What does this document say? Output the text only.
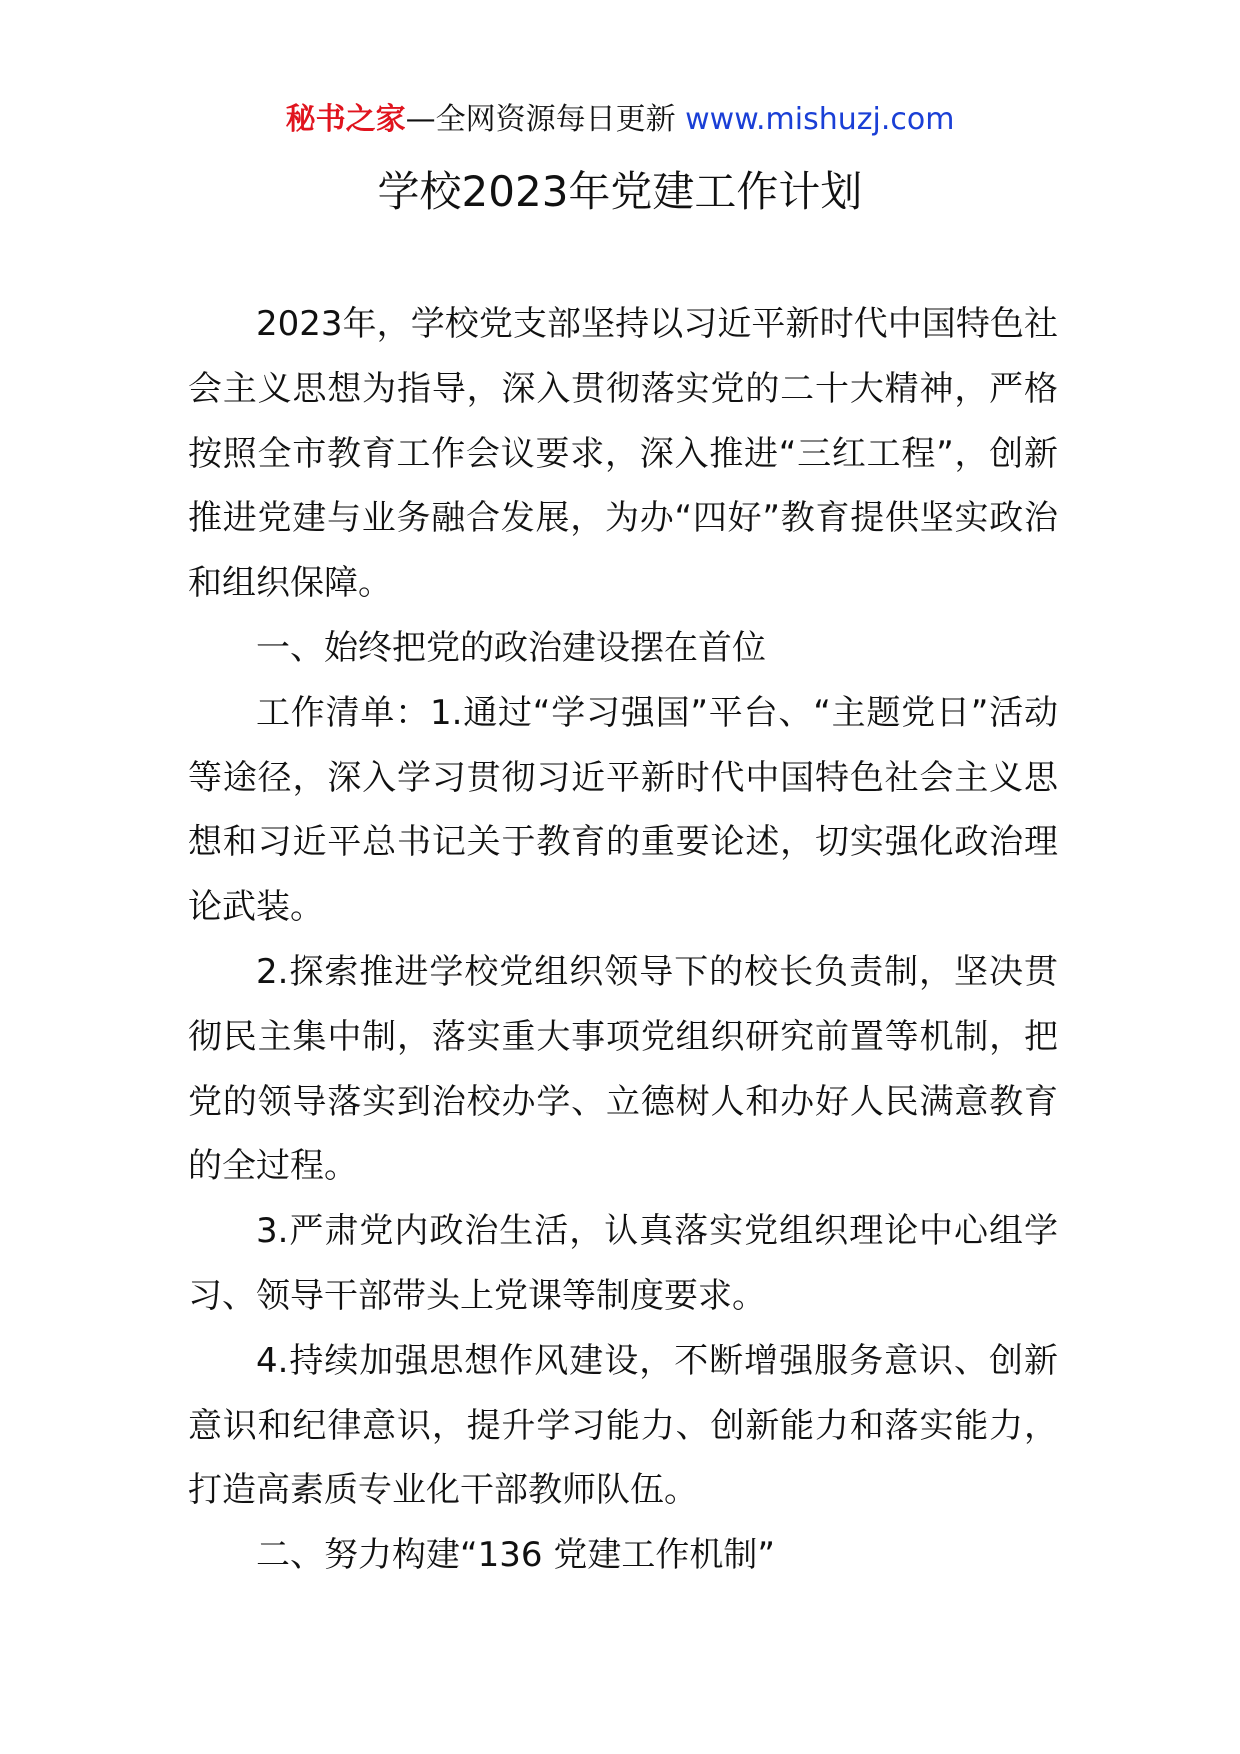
秘书之家—全网资源每日更新 www.mishuzj.com
学校2023年党建工作计划

2023年，学校党支部坚持以习近平新时代中国特色社会主义思想为指导，深入贯彻落实党的二十大精神，严格按照全市教育工作会议要求，深入推进“三红工程”，创新推进党建与业务融合发展，为办“四好”教育提供坚实政治和组织保障。

一、始终把党的政治建设摆在首位

工作清单：1.通过“学习强国”平台、“主题党日”活动等途径，深入学习贯彻习近平新时代中国特色社会主义思想和习近平总书记关于教育的重要论述，切实强化政治理论武装。

2.探索推进学校党组织领导下的校长负责制，坚决贯彻民主集中制，落实重大事项党组织研究前置等机制，把党的领导落实到治校办学、立德树人和办好人民满意教育的全过程。

3.严肃党内政治生活，认真落实党组织理论中心组学习、领导干部带头上党课等制度要求。

4.持续加强思想作风建设，不断增强服务意识、创新意识和纪律意识，提升学习能力、创新能力和落实能力，打造高素质专业化干部教师队伍。

二、努力构建“136 党建工作机制”
